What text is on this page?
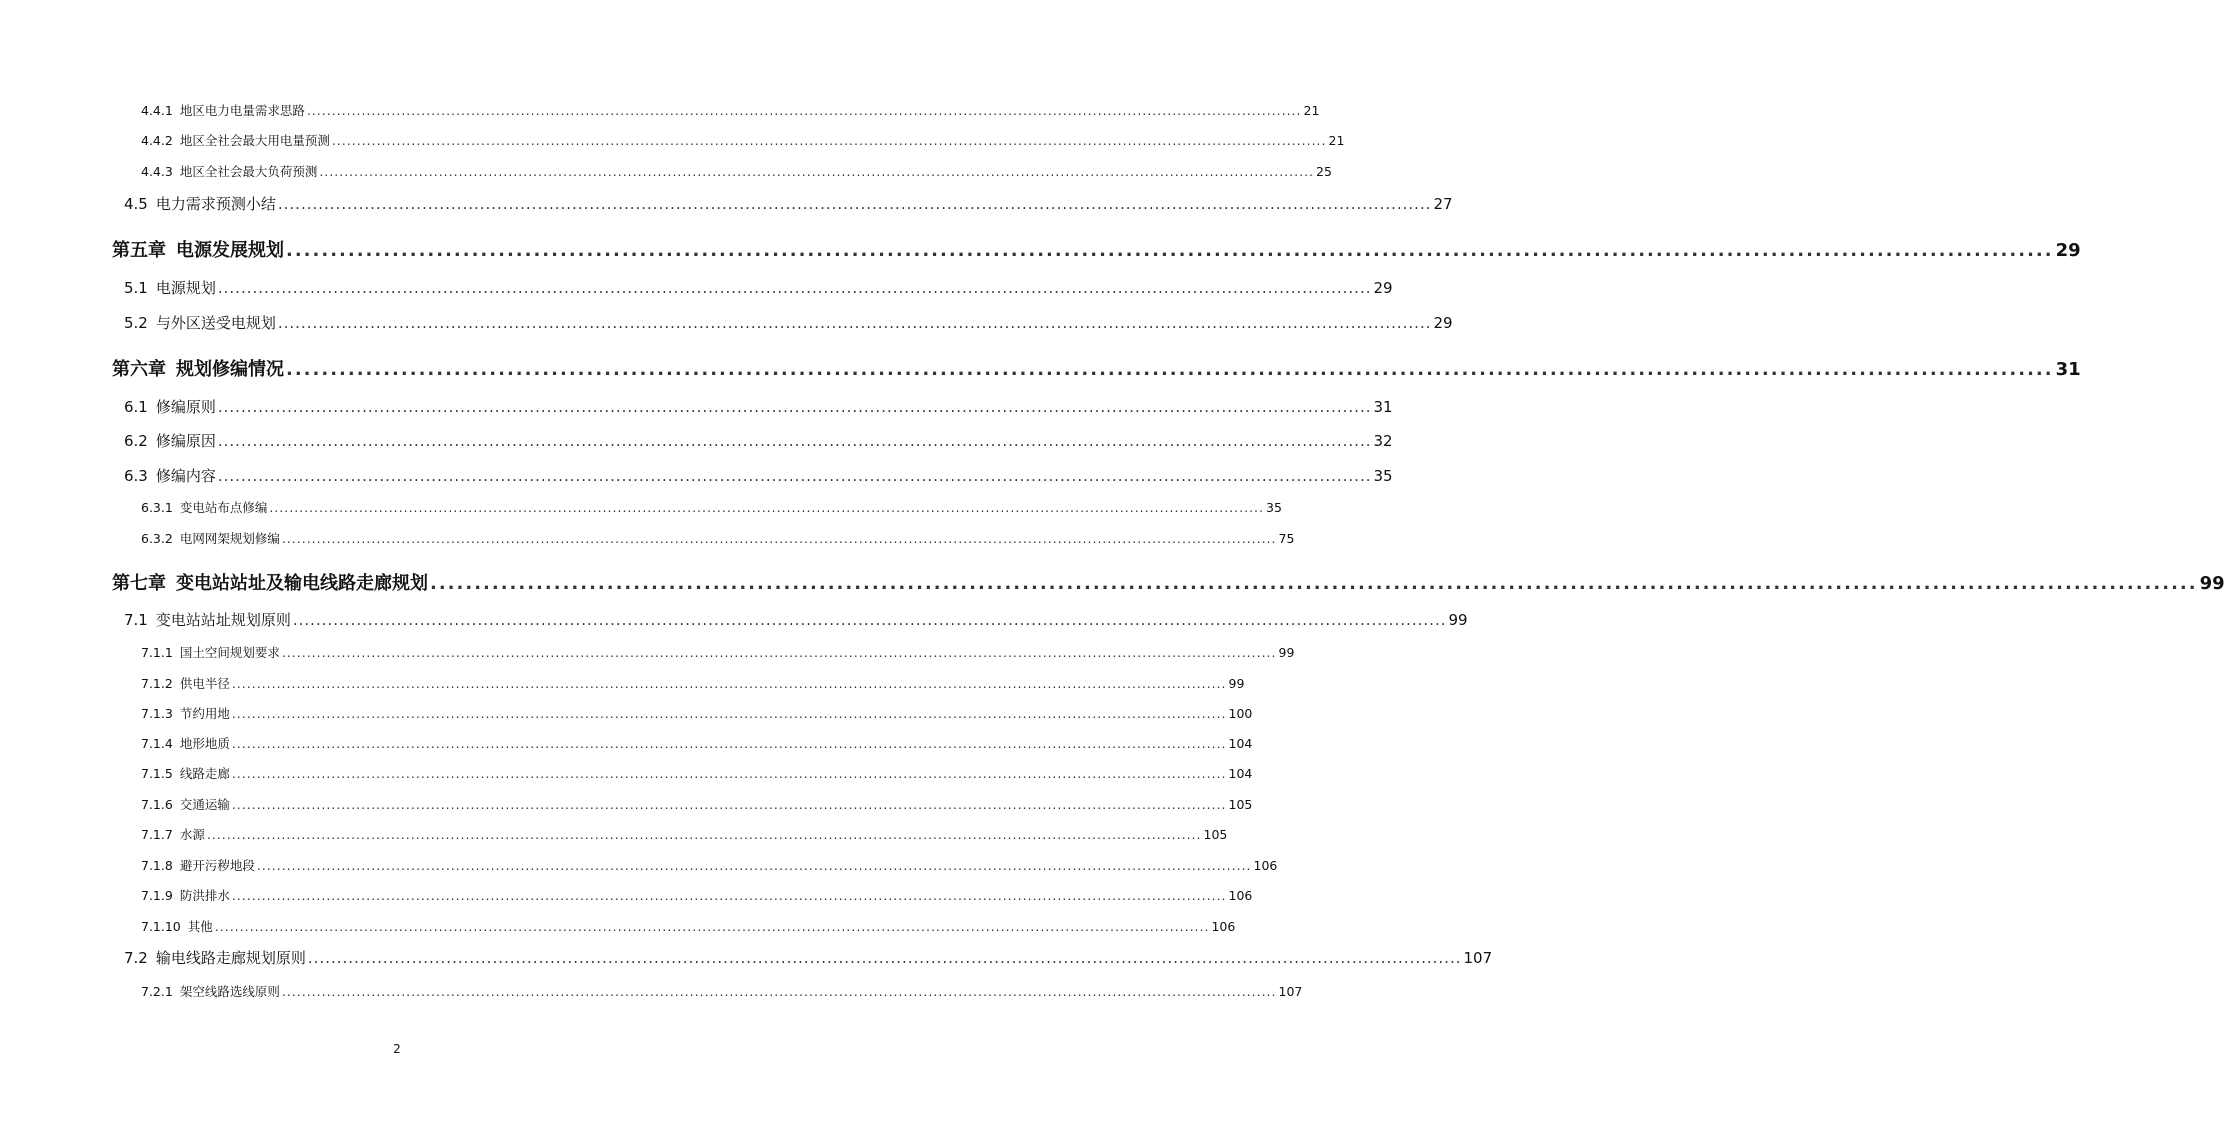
4.4.1 地区电力电量需求思路 ........................................................................................................................................................................................................ 21
4.4.2 地区全社会最大用电量预测 ........................................................................................................................................................................................................ 21
4.4.3 地区全社会最大负荷预测 ........................................................................................................................................................................................................ 25
4.5 电力需求预测小结 ........................................................................................................................................................................................................ 27
第五章 电源发展规划 ........................................................................................................................................................................................................ 29
5.1 电源规划 ........................................................................................................................................................................................................ 29
5.2 与外区送受电规划 ........................................................................................................................................................................................................ 29
第六章 规划修编情况 ........................................................................................................................................................................................................ 31
6.1 修编原则 ........................................................................................................................................................................................................ 31
6.2 修编原因 ........................................................................................................................................................................................................ 32
6.3 修编内容 ........................................................................................................................................................................................................ 35
6.3.1 变电站布点修编 ........................................................................................................................................................................................................ 35
6.3.2 电网网架规划修编 ........................................................................................................................................................................................................ 75
第七章 变电站站址及输电线路走廊规划 ........................................................................................................................................................................................................ 99
7.1 变电站站址规划原则 ........................................................................................................................................................................................................ 99
7.1.1 国土空间规划要求 ........................................................................................................................................................................................................ 99
7.1.2 供电半径 ........................................................................................................................................................................................................ 99
7.1.3 节约用地 ........................................................................................................................................................................................................ 100
7.1.4 地形地质 ........................................................................................................................................................................................................ 104
7.1.5 线路走廊 ........................................................................................................................................................................................................ 104
7.1.6 交通运输 ........................................................................................................................................................................................................ 105
7.1.7 水源 ........................................................................................................................................................................................................ 105
7.1.8 避开污秽地段 ........................................................................................................................................................................................................ 106
7.1.9 防洪排水 ........................................................................................................................................................................................................ 106
7.1.10 其他 ........................................................................................................................................................................................................ 106
7.2 输电线路走廊规划原则 ........................................................................................................................................................................................................ 107
7.2.1 架空线路选线原则 ........................................................................................................................................................................................................ 107
2
